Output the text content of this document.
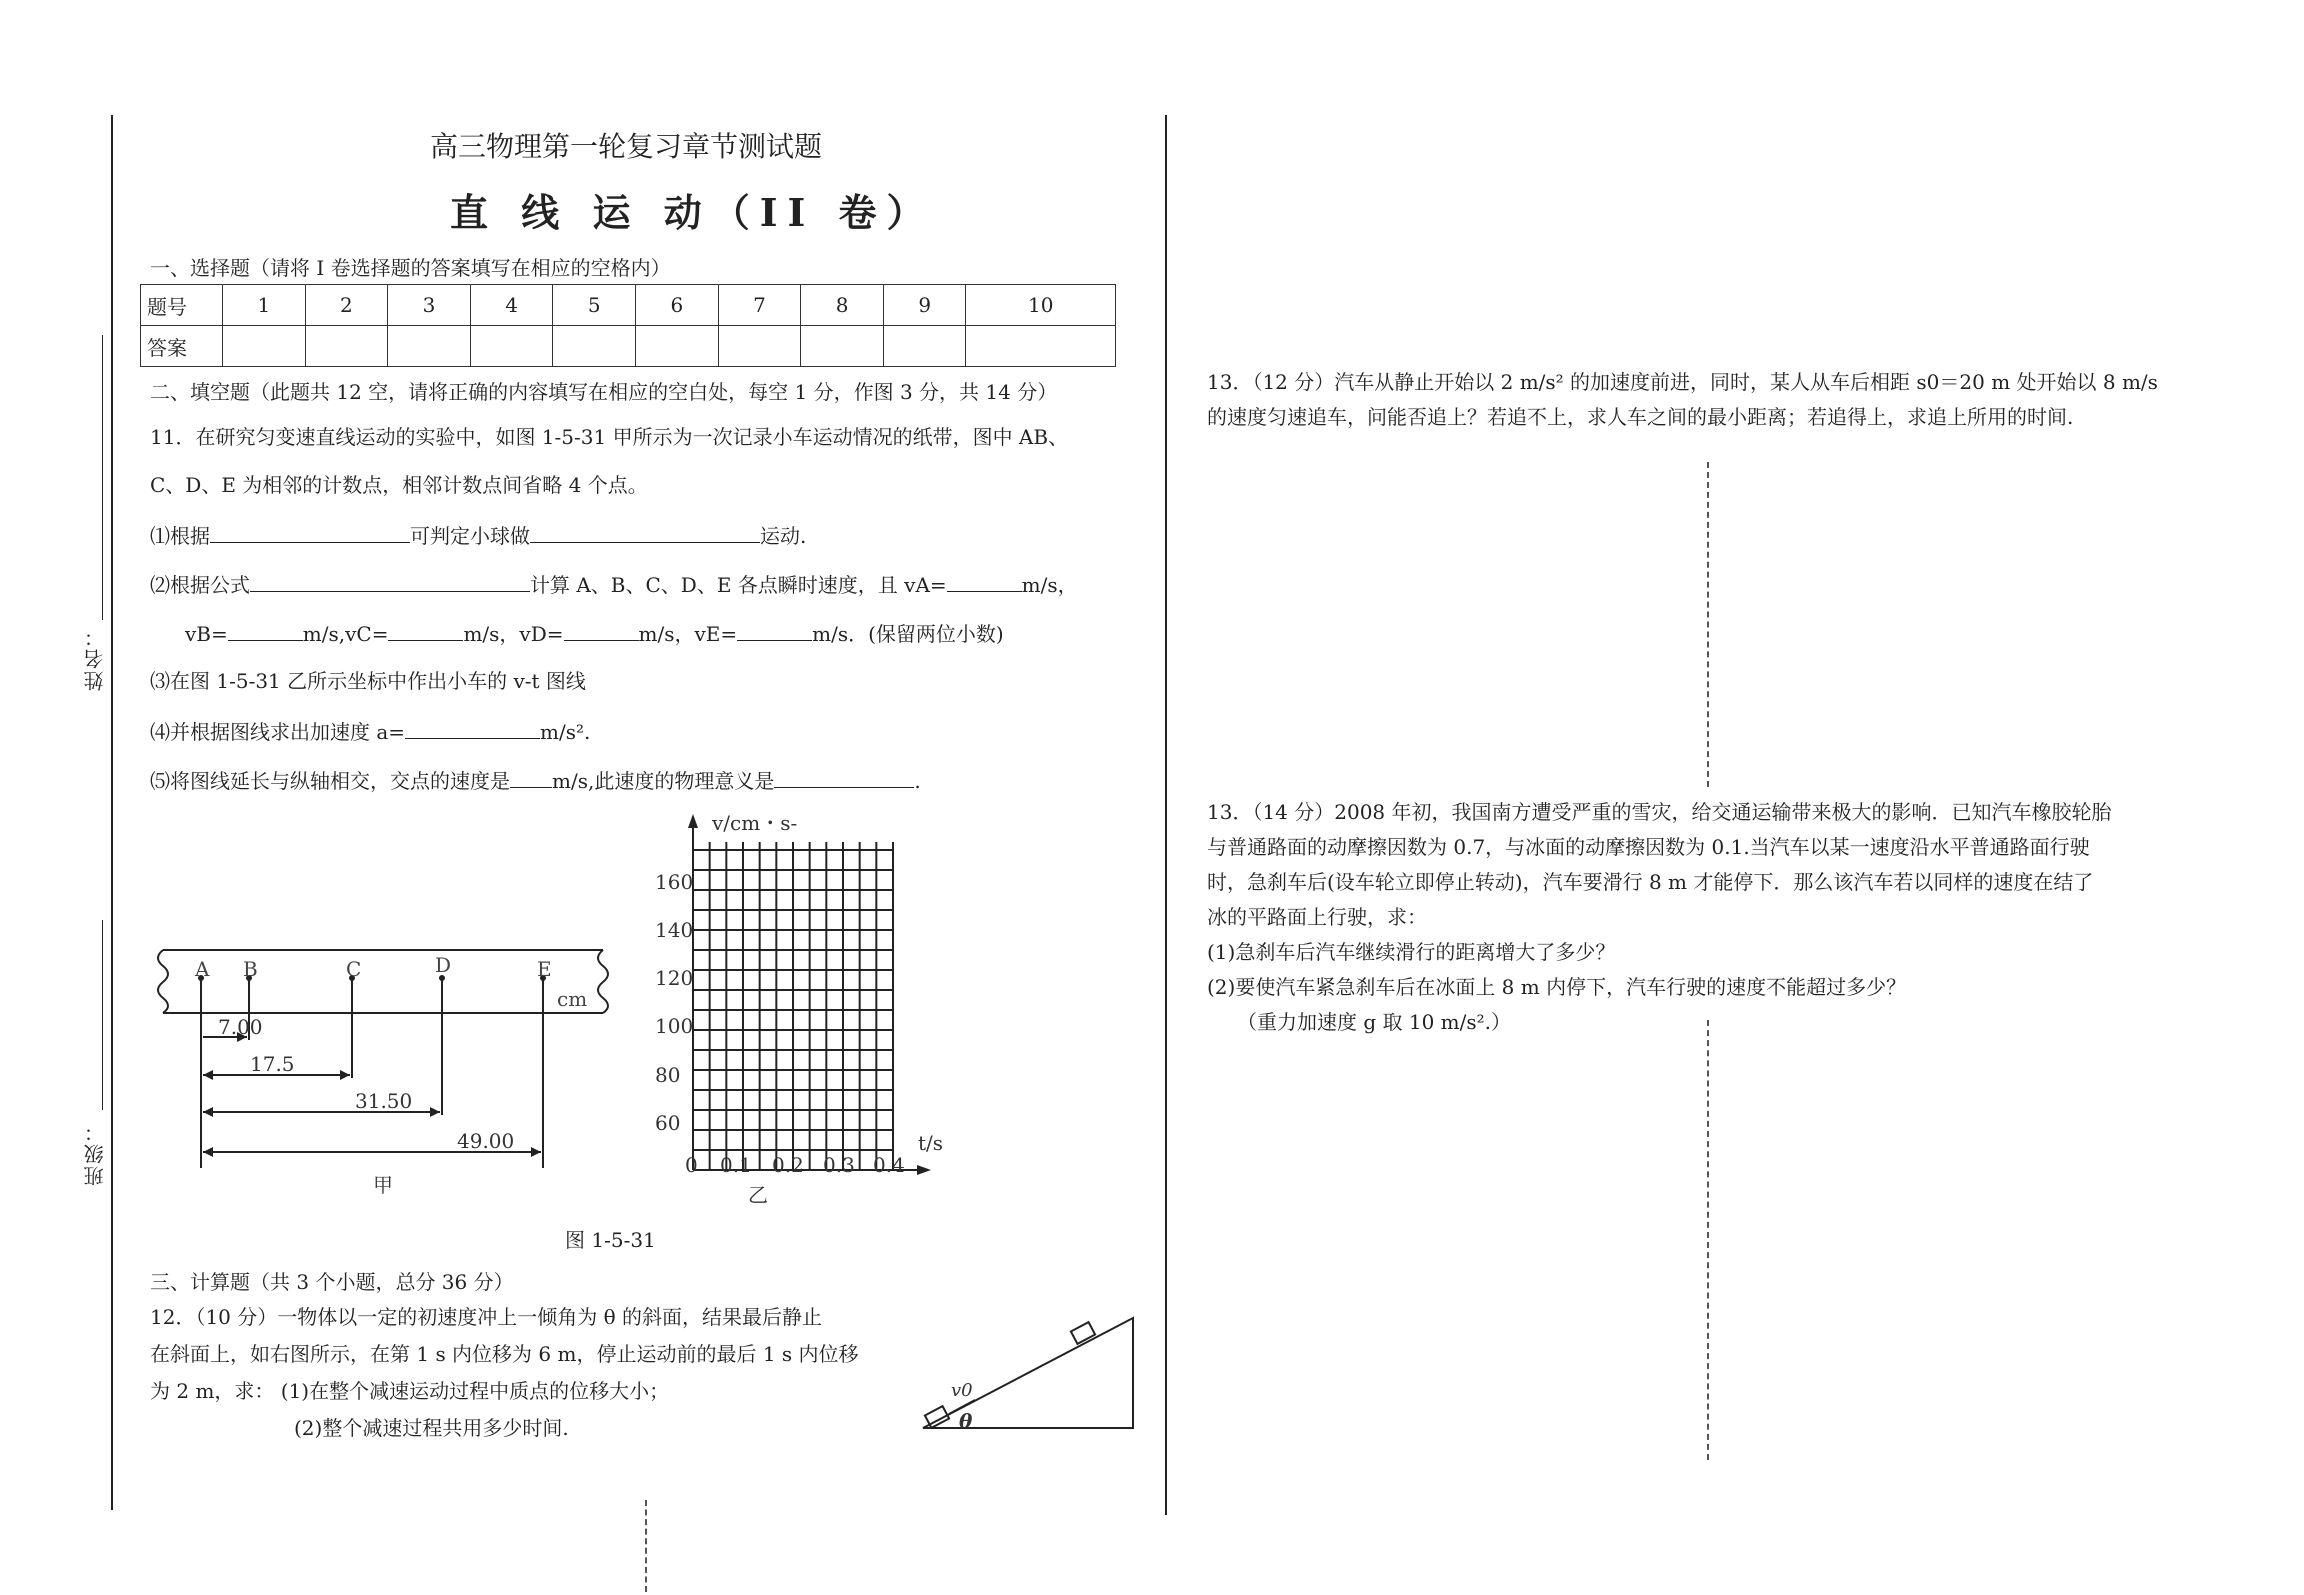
姓名：
班级：
高三物理第一轮复习章节测试题
直 线 运 动（II 卷）
一、选择题（请将 I 卷选择题的答案填写在相应的空格内）
题号	1	2	3	4	5	6	7	8	9	10
答案										
二、填空题（此题共 12 空，请将正确的内容填写在相应的空白处，每空 1 分，作图 3 分，共 14 分）
11．在研究匀变速直线运动的实验中，如图 1-5-31 甲所示为一次记录小车运动情况的纸带，图中 AB、
C、D、E 为相邻的计数点，相邻计数点间省略 4 个点。
⑴根据	可判定小球做	运动.
⑵根据公式	计算 A、B、C、D、E 各点瞬时速度，且 vA=	m/s，
vB=	m/s,vC=	m/s，vD=	m/s，vE=	m/s．(保留两位小数)
⑶在图 1-5-31 乙所示坐标中作出小车的 v-t 图线
⑷并根据图线求出加速度 a=	m/s².
⑸将图线延长与纵轴相交，交点的速度是 m/s,此速度的物理意义是	.
A B	C	D	E
cm
7.00
17.5
31.50
49.00
甲
v/cm・s-
t/s
160
140
120
100
80
60
0 0.1 0.2 0.3 0.4
乙
图 1-5-31
三、计算题（共 3 个小题，总分 36 分）
12．（10 分）一物体以一定的初速度冲上一倾角为 θ 的斜面，结果最后静止
在斜面上，如右图所示，在第 1 s 内位移为 6 m，停止运动前的最后 1 s 内位移
为 2 m，求： (1)在整个减速运动过程中质点的位移大小；
(2)整个减速过程共用多少时间.
v0
θ
13．（12 分）汽车从静止开始以 2 m/s² 的加速度前进，同时，某人从车后相距 s0＝20 m 处开始以 8 m/s
的速度匀速追车，问能否追上？若追不上，求人车之间的最小距离；若追得上，求追上所用的时间.
13．（14 分）2008 年初，我国南方遭受严重的雪灾，给交通运输带来极大的影响．已知汽车橡胶轮胎
与普通路面的动摩擦因数为 0.7，与冰面的动摩擦因数为 0.1.当汽车以某一速度沿水平普通路面行驶
时，急刹车后(设车轮立即停止转动)，汽车要滑行 8 m 才能停下．那么该汽车若以同样的速度在结了
冰的平路面上行驶，求：
(1)急刹车后汽车继续滑行的距离增大了多少？
(2)要使汽车紧急刹车后在冰面上 8 m 内停下，汽车行驶的速度不能超过多少？
（重力加速度 g 取 10 m/s².）
